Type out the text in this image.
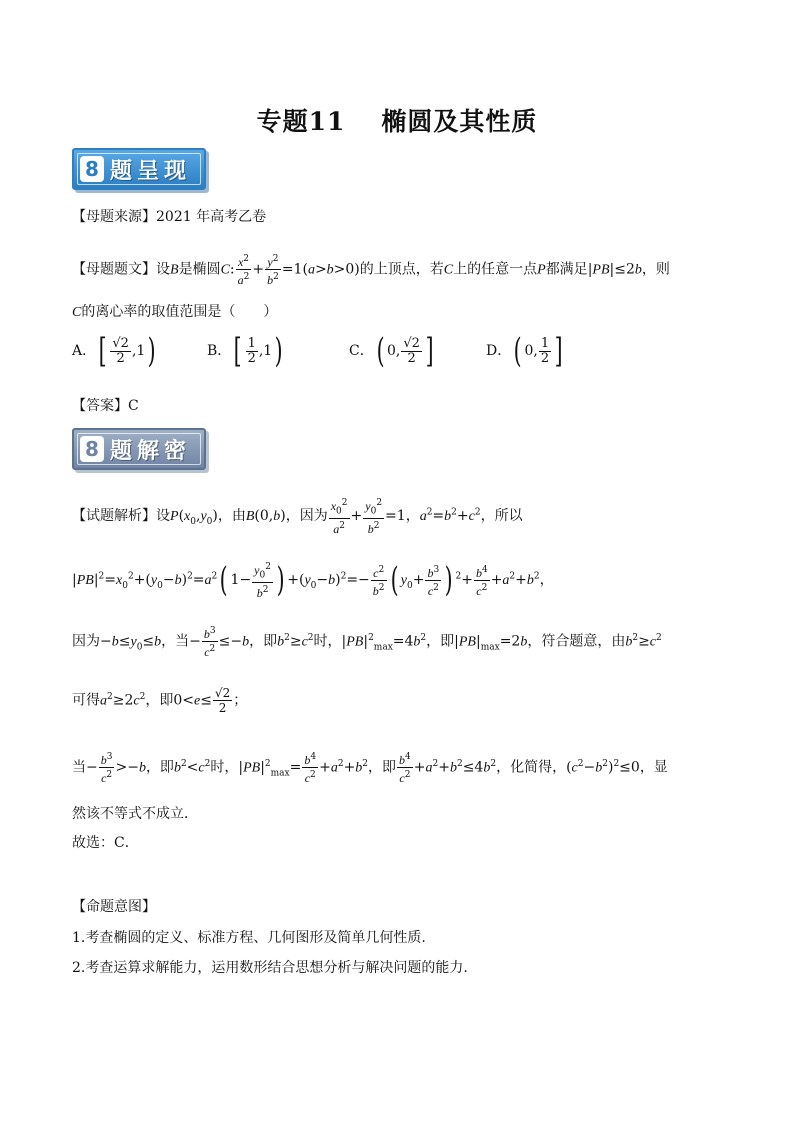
专题11 椭圆及其性质
8 题呈现
【母题来源】2021 年高考乙卷
【母题题文】设B是椭圆C: $\frac{x^2}{a^2} + \frac{y^2}{b^2} =1(a>b>0)$的上顶点，若C上的任意一点P都满足|PB|≤2b，则
C的离心率的取值范围是（　　）
A．[ $\frac{√2}{2} ,1$)	B．[ $\frac{1}{2} ,1$)	C．( 0, $\frac{√2}{2}$ ]	D．( 0, $\frac{1}{2}$ ]
【答案】C
8 题解密
【试题解析】设$P(x_0,y_0)$，由B(0,b)，因为 $\frac{x_0^2}{a^2} + \frac{y_0^2}{b^2} =1$，$a^2=b^2+c^2$，所以
$|PB|^2=x_0^2+(y_0-b)^2=a^2$( $1- \frac{y_0^2}{b^2}$ ) $+(y_0-b)^2=- \frac{c^2}{b^2}$ ( $y_0+ \frac{b^3}{c^2}$ ) $^2+ \frac{b^4}{c^2} +a^2+b^2$，
因为$-b\le y_0\le b$，当− $\frac{b^3}{c^2} \le-b$，即$b^2\ge c^2$时，$|PB|^2_{max}=4b^2$，即$|PB|_{max}=2b$，符合题意，由$b^2\ge c^2$
可得$a^2\ge 2c^2$，即$0<e\le \frac{√2}{2}$ ；
当− $\frac{b^3}{c^2} >-b$，即$b^2<c^2$时，$|PB|^2_{max}= \frac{b^4}{c^2} +a^2+b^2$，即 $\frac{b^4}{c^2} +a^2+b^2\le 4b^2$，化简得，$(c^2-b^2)^2\le 0$，显
然该不等式不成立．
故选：C．
【命题意图】
1.考查椭圆的定义、标准方程、几何图形及简单几何性质.
2.考查运算求解能力，运用数形结合思想分析与解决问题的能力.
